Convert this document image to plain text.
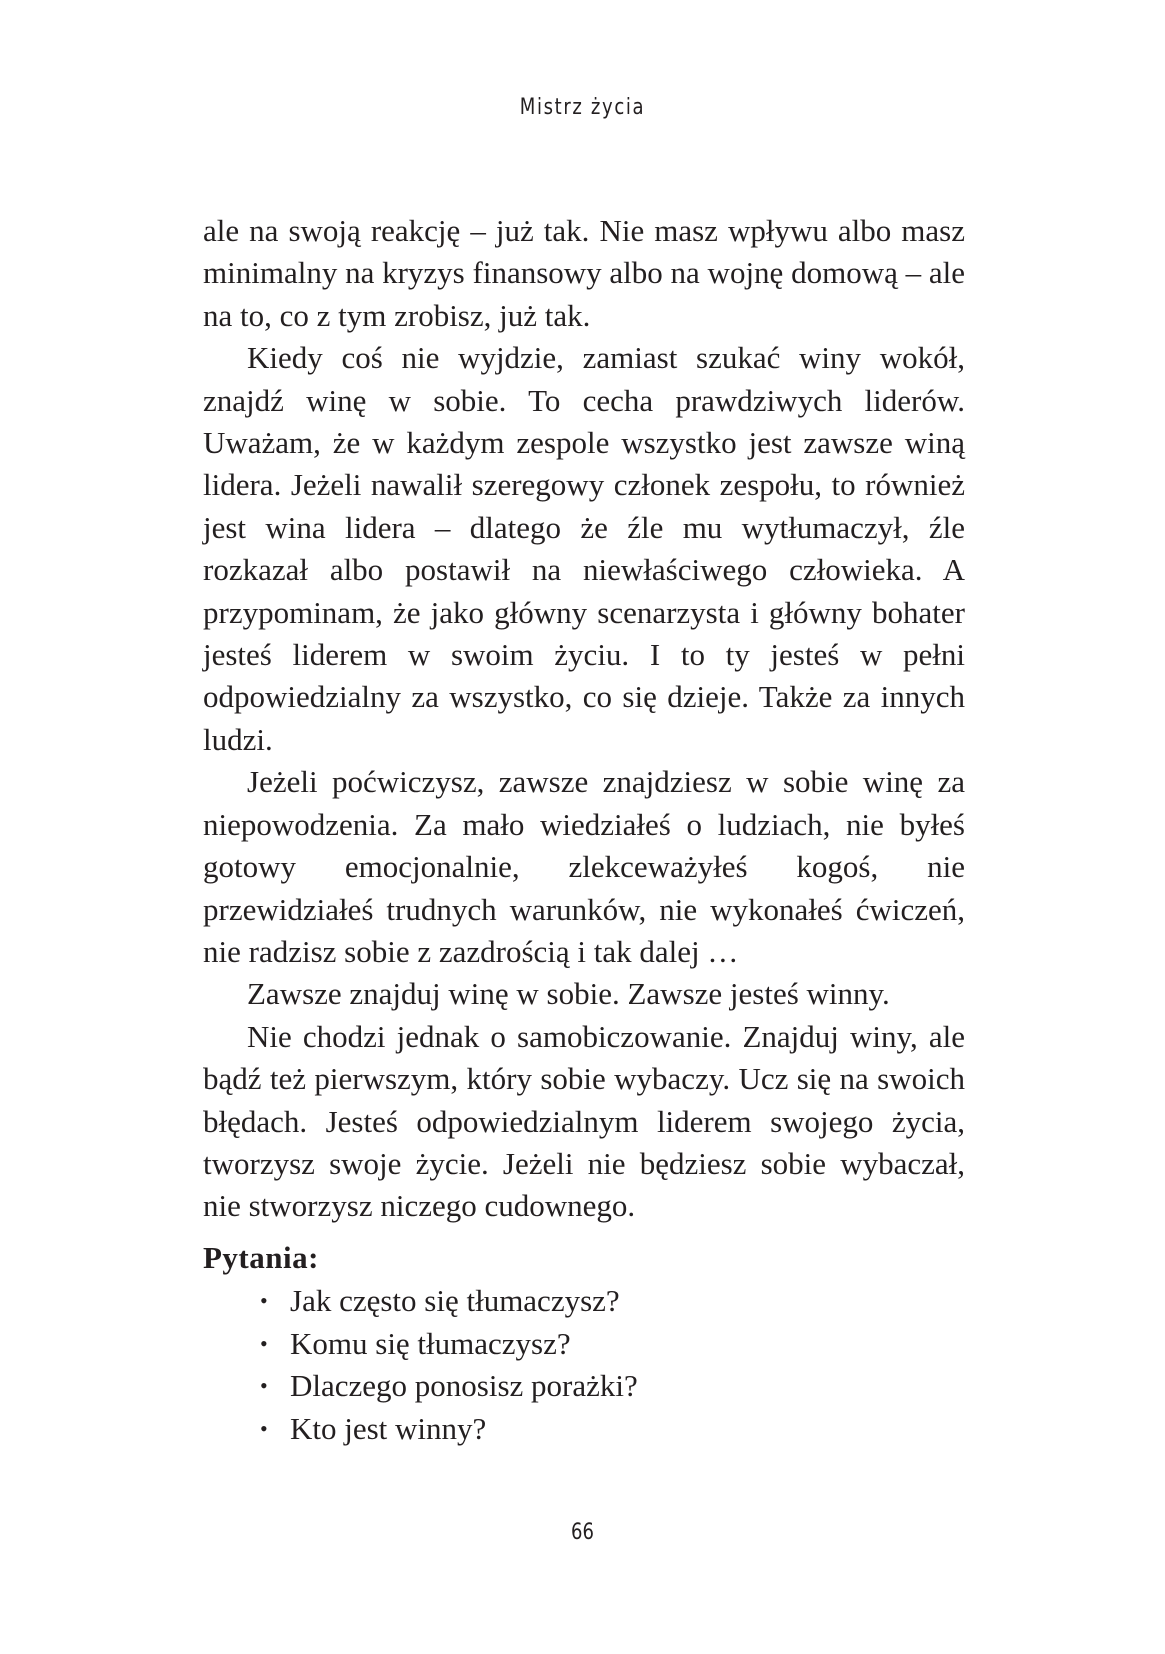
Mistrz życia

ale na swoją reakcję – już tak. Nie masz wpływu albo masz minimalny na kryzys finansowy albo na wojnę domową – ale na to, co z tym zrobisz, już tak.

Kiedy coś nie wyjdzie, zamiast szukać winy wokół, znajdź winę w sobie. To cecha prawdziwych liderów. Uważam, że w każdym zespole wszystko jest zawsze winą lidera. Jeżeli nawalił szeregowy członek zespołu, to również jest wina lidera – dlatego że źle mu wytłumaczył, źle rozkazał albo postawił na niewłaściwego człowieka. A przypominam, że jako główny scenarzysta i główny bohater jesteś liderem w swoim życiu. I to ty jesteś w pełni odpowiedzialny za wszystko, co się dzieje. Także za innych ludzi.

Jeżeli poćwiczysz, zawsze znajdziesz w sobie winę za niepowodzenia. Za mało wiedziałeś o ludziach, nie byłeś gotowy emocjonalnie, zlekceważyłeś kogoś, nie przewidziałeś trudnych warunków, nie wykonałeś ćwiczeń, nie radzisz sobie z zazdrością i tak dalej …

Zawsze znajduj winę w sobie. Zawsze jesteś winny.

Nie chodzi jednak o samobiczowanie. Znajduj winy, ale bądź też pierwszym, który sobie wybaczy. Ucz się na swoich błędach. Jesteś odpowiedzialnym liderem swojego życia, tworzysz swoje życie. Jeżeli nie będziesz sobie wybaczał, nie stworzysz niczego cudownego.

Pytania:
• Jak często się tłumaczysz?
• Komu się tłumaczysz?
• Dlaczego ponosisz porażki?
• Kto jest winny?
66
